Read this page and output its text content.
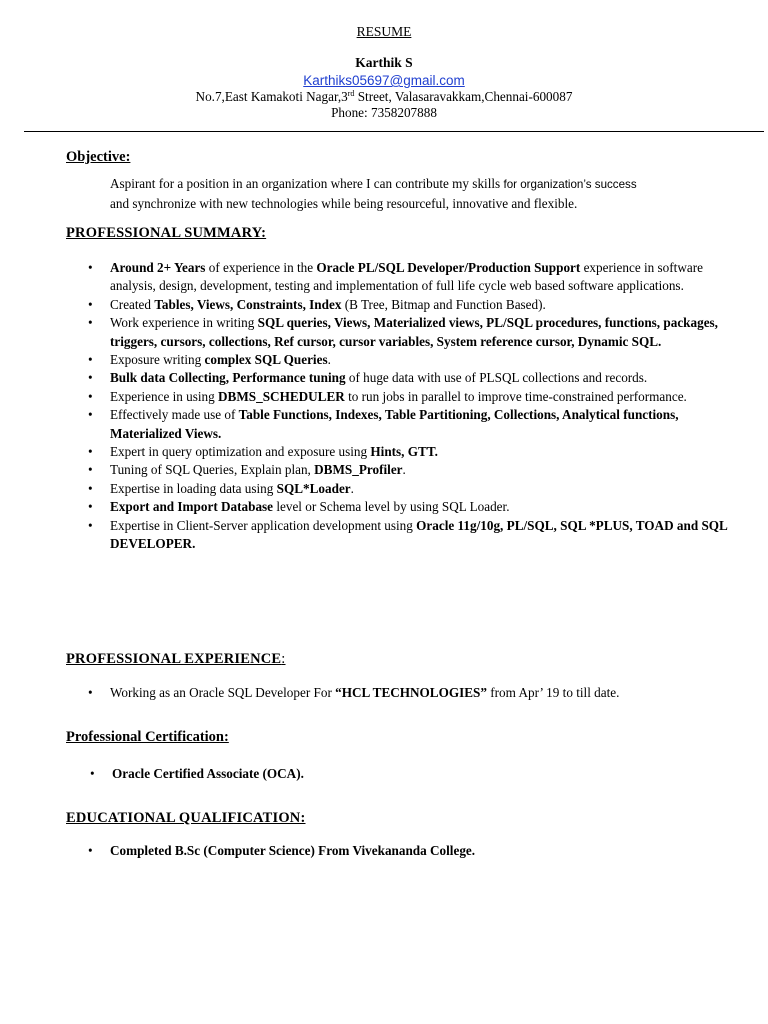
RESUME
Karthik S
Karthiks05697@gmail.com
No.7,East Kamakoti Nagar,3rd Street, Valasaravakkam,Chennai-600087
Phone: 7358207888
Objective:
Aspirant for a position in an organization where I can contribute my skills for organization’s success
and synchronize with new technologies while being resourceful, innovative and flexible.
PROFESSIONAL SUMMARY:
• Around 2+ Years of experience in the Oracle PL/SQL Developer/Production Support experience in software analysis, design, development, testing and implementation of full life cycle web based software applications.
• Created Tables, Views, Constraints, Index (B Tree, Bitmap and Function Based).
• Work experience in writing SQL queries, Views, Materialized views, PL/SQL procedures, functions, packages, triggers, cursors, collections, Ref cursor, cursor variables, System reference cursor, Dynamic SQL.
• Exposure writing complex SQL Queries.
• Bulk data Collecting, Performance tuning of huge data with use of PLSQL collections and records.
• Experience in using DBMS_SCHEDULER to run jobs in parallel to improve time-constrained performance.
• Effectively made use of Table Functions, Indexes, Table Partitioning, Collections, Analytical functions, Materialized Views.
• Expert in query optimization and exposure using Hints, GTT.
• Tuning of SQL Queries, Explain plan, DBMS_Profiler.
• Expertise in loading data using SQL*Loader.
• Export and Import Database level or Schema level by using SQL Loader.
• Expertise in Client-Server application development using Oracle 11g/10g, PL/SQL, SQL *PLUS, TOAD and SQL DEVELOPER.
PROFESSIONAL EXPERIENCE:
• Working as an Oracle SQL Developer For “HCL TECHNOLOGIES” from Apr’ 19 to till date.
Professional Certification:
• Oracle Certified Associate (OCA).
EDUCATIONAL QUALIFICATION:
• Completed B.Sc (Computer Science) From Vivekananda College.
